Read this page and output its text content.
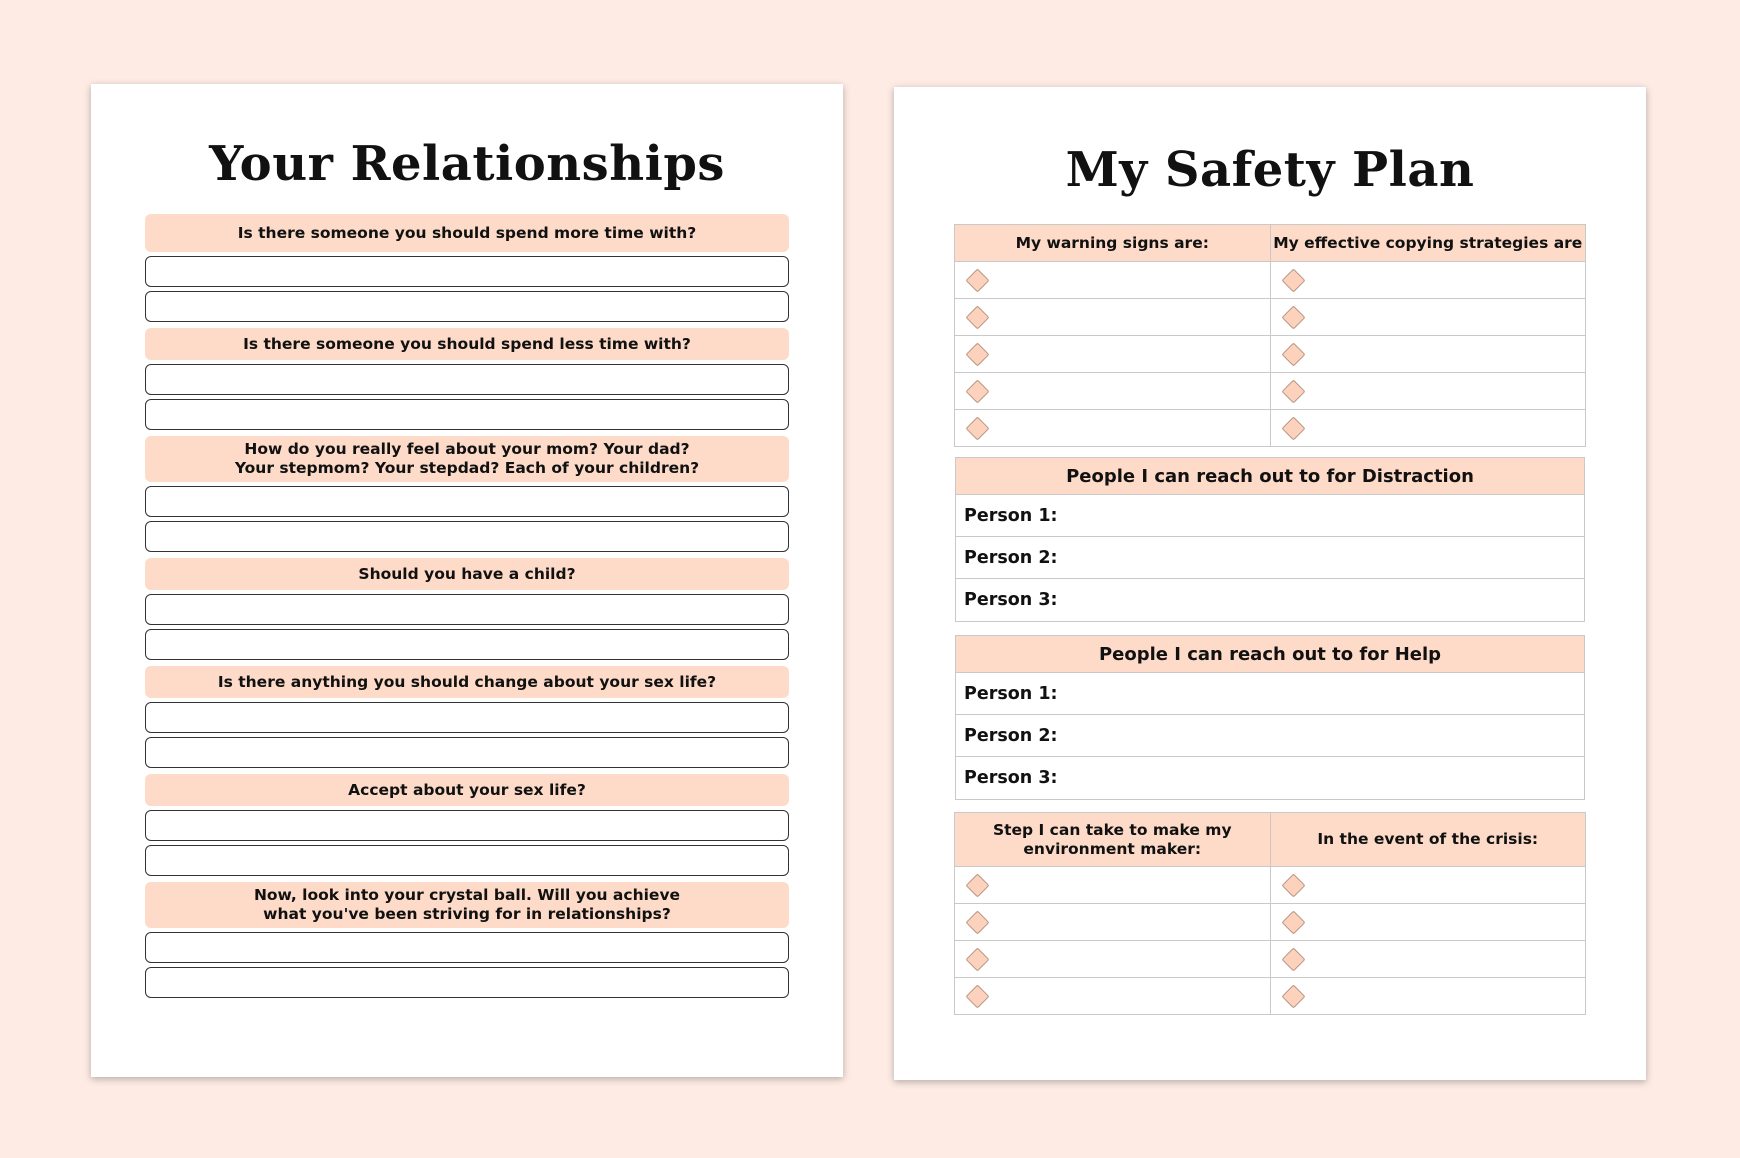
Your Relationships
Is there someone you should spend more time with?
Is there someone you should spend less time with?
How do you really feel about your mom? Your dad?
Your stepmom? Your stepdad? Each of your children?
Should you have a child?
Is there anything you should change about your sex life?
Accept about your sex life?
Now, look into your crystal ball. Will you achieve
what you've been striving for in relationships?
My Safety Plan
My warning signs are:	My effective copying strategies are

People I can reach out to for Distraction
Person 1:
Person 2:
Person 3:
People I can reach out to for Help
Person 1:
Person 2:
Person 3:
Step I can take to make my
environment maker:	In the event of the crisis:
